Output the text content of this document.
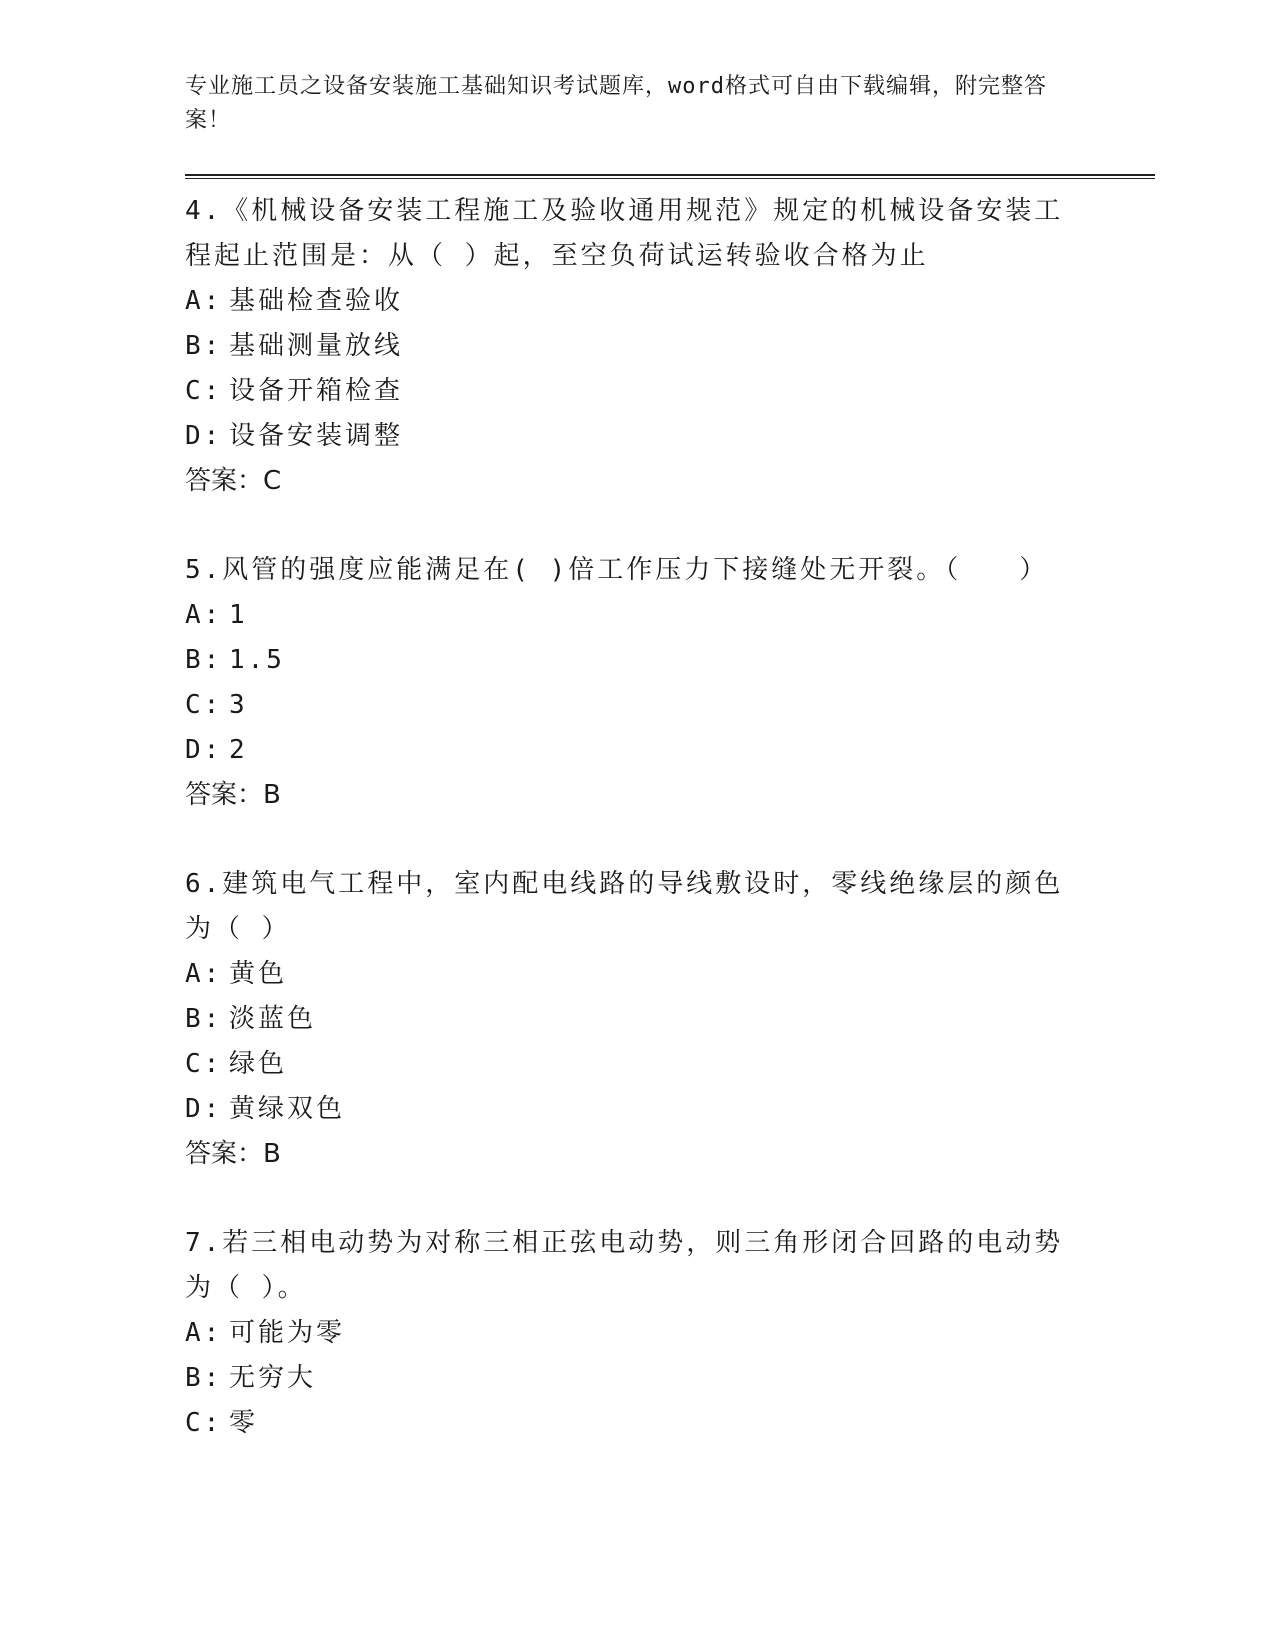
专业施工员之设备安装施工基础知识考试题库，word格式可自由下载编辑，附完整答案！

4.《机械设备安装工程施工及验收通用规范》规定的机械设备安装工程起止范围是：从（ ）起，至空负荷试运转验收合格为止

A: 基础检查验收

B: 基础测量放线

C: 设备开箱检查

D: 设备安装调整

答案：C

5.风管的强度应能满足在( )倍工作压力下接缝处无开裂。（　　）

A: 1

B: 1.5

C: 3

D: 2

答案：B

6.建筑电气工程中，室内配电线路的导线敷设时，零线绝缘层的颜色为（ ）

A: 黄色

B: 淡蓝色

C: 绿色

D: 黄绿双色

答案：B

7.若三相电动势为对称三相正弦电动势，则三角形闭合回路的电动势为（ ）。

A: 可能为零

B: 无穷大

C: 零
